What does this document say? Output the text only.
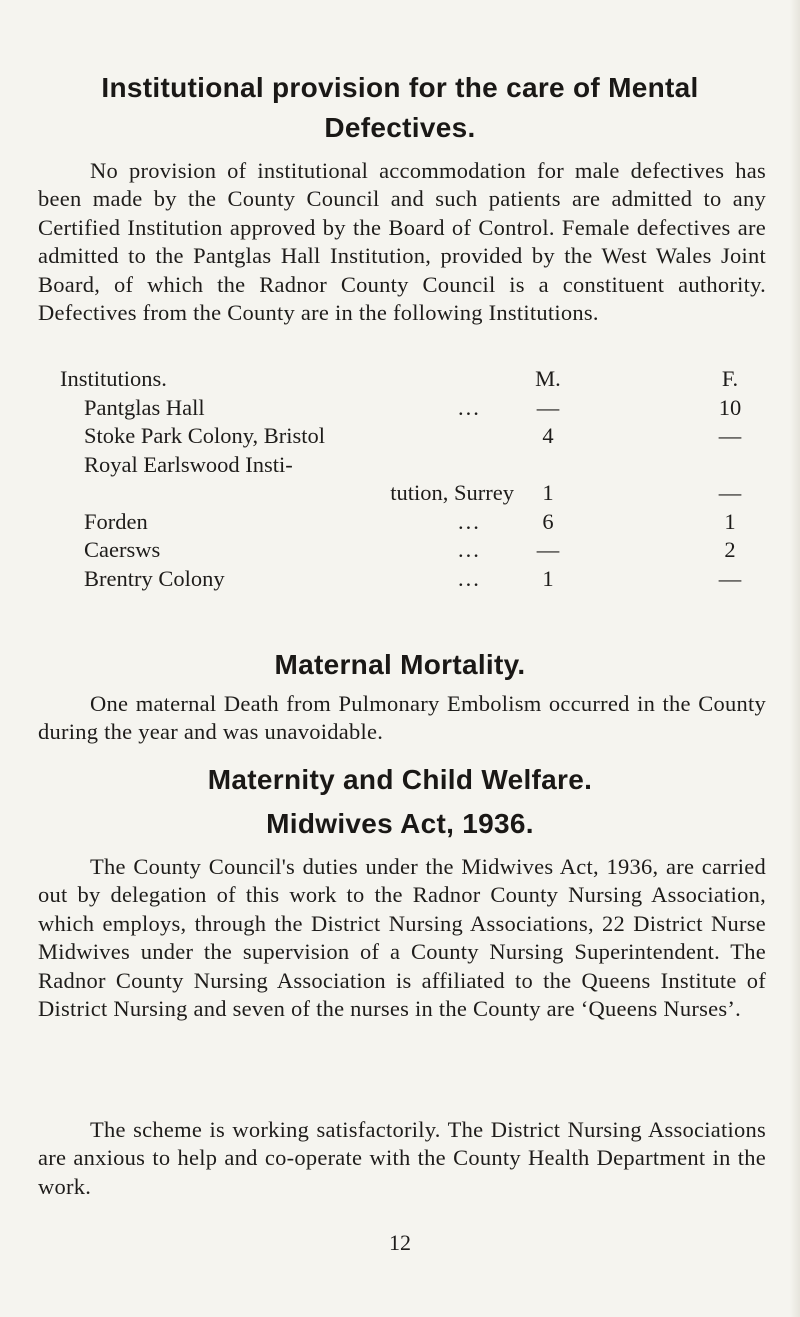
Institutional provision for the care of Mental

Defectives.

No provision of institutional accommodation for male defectives has been made by the County Council and such patients are admitted to any Certified Institution approved by the Board of Control. Female defectives are admitted to the Pantglas Hall Institution, provided by the West Wales Joint Board, of which the Radnor County Council is a constituent authority. Defectives from the County are in the following Institutions.

Institutions.	M.	F.
Pantglas Hall	...	—	10
Stoke Park Colony, Bristol	4	—
Royal Earlswood Insti-
tution, Surrey	1	—
Forden	...	6	1
Caersws	...	—	2
Brentry Colony	...	1	—

Maternal Mortality.

One maternal Death from Pulmonary Embolism occurred in the County during the year and was unavoidable.

Maternity and Child Welfare.

Midwives Act, 1936.

The County Council's duties under the Midwives Act, 1936, are carried out by delegation of this work to the Radnor County Nursing Association, which employs, through the District Nursing Associations, 22 District Nurse Midwives under the supervision of a County Nursing Superintendent. The Radnor County Nursing Association is affiliated to the Queens Institute of District Nursing and seven of the nurses in the County are ‘Queens Nurses’.

The scheme is working satisfactorily. The District Nursing Associations are anxious to help and co-operate with the County Health Department in the work.

12
